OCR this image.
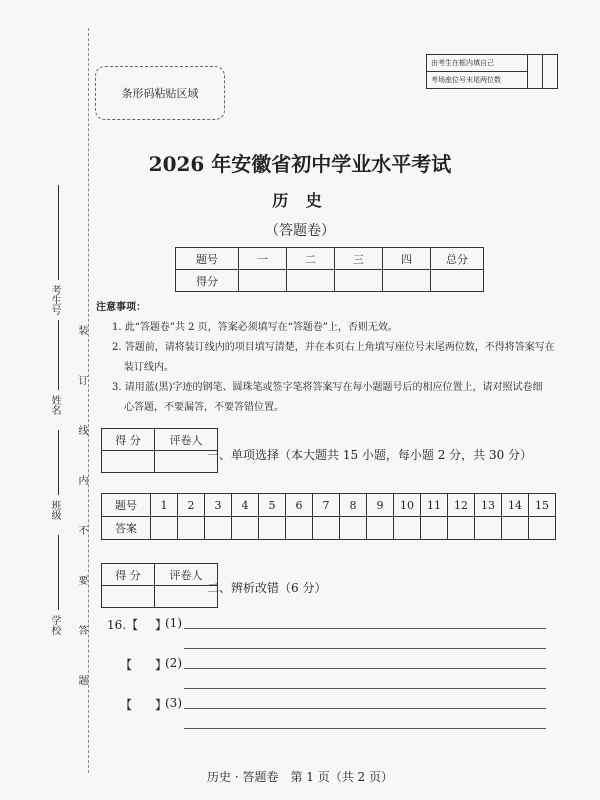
考生号
姓名
班级
学校 装订线内不要答题
由考生在框内填自己		
考场座位号末尾两位数
条形码粘贴区域
2026 年安徽省初中学业水平考试
历 史
（答题卷）
题号	一	二	三	四	总分
得分					
注意事项：
1. 此“答题卷”共 2 页，答案必须填写在“答题卷”上，否则无效。
2. 答题前，请将装订线内的项目填写清楚，并在本页右上角填写座位号末尾两位数，不得将答案写在
装订线内。
3. 请用蓝(黑)字迹的钢笔、圆珠笔或签字笔将答案写在每小题题号后的相应位置上，请对照试卷细
心答题，不要漏答，不要答错位置。
得 分	评卷人

一、单项选择（本大题共 15 小题，每小题 2 分，共 30 分）
题号	1	2	3	4	5	6	7	8	9	10	11	12	13	14	15
答案															
得 分	评卷人

二、辨析改错（6 分）
16.【 】
(1)
【 】
(2)
【 】
(3)
历史 · 答题卷　第 1 页（共 2 页）
